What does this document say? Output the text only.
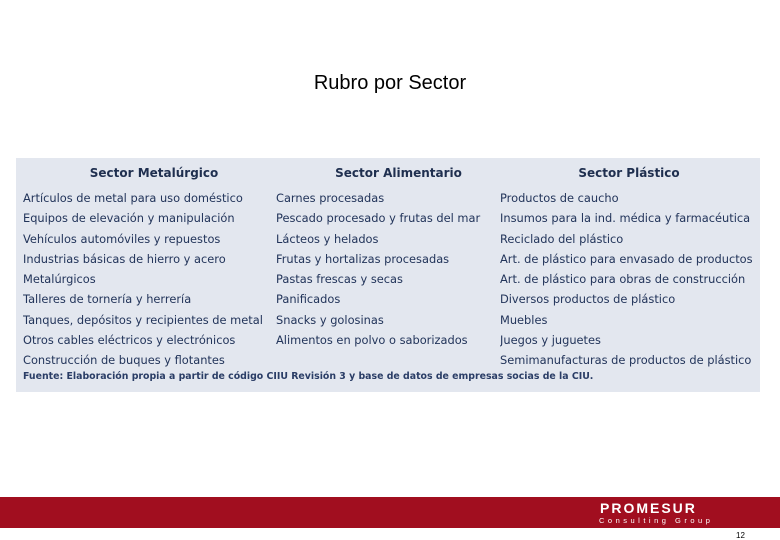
Rubro por Sector
Sector Metalúrgico
Artículos de metal para uso doméstico
Equipos de elevación y manipulación
Vehículos automóviles y repuestos
Industrias básicas de hierro y acero
Metalúrgicos
Talleres de tornería y herrería
Tanques, depósitos y recipientes de metal
Otros cables eléctricos y electrónicos
Construcción de buques y flotantes
Sector Alimentario
Carnes procesadas
Pescado procesado y frutas del mar
Lácteos y helados
Frutas y hortalizas procesadas
Pastas frescas y secas
Panificados
Snacks y golosinas
Alimentos en polvo o saborizados
Sector Plástico
Productos de caucho
Insumos para la ind. médica y farmacéutica
Reciclado del plástico
Art. de plástico para envasado de productos
Art. de plástico para obras de construcción
Diversos productos de plástico
Muebles
Juegos y juguetes
Semimanufacturas de productos de plástico
Fuente: Elaboración propia a partir de código CIIU Revisión 3 y base de datos de empresas socias de la CIU.
PROMESUR
Consulting Group
12
